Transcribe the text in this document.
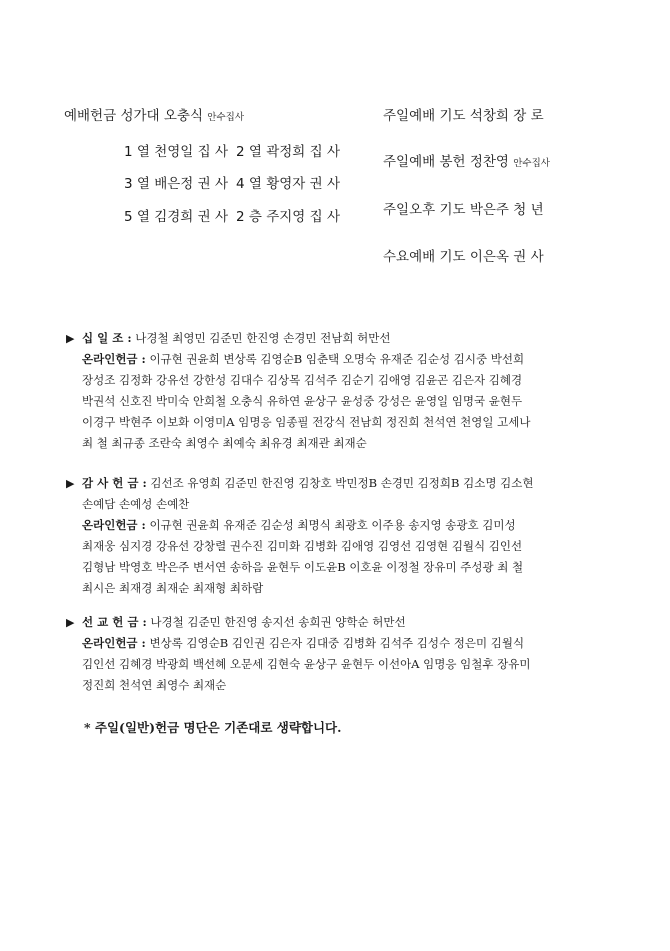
예배헌금 성가대 오충식 안수집사
1 열 천영일 집 사 2 열 곽정희 집 사
3 열 배은정 권 사 4 열 황영자 권 사
5 열 김경희 권 사 2 층 주지영 집 사
주일예배 기도 석창희 장 로
주일예배 봉헌 정찬영 안수집사
주일오후 기도 박은주 청 년
수요예배 기도 이은옥 권 사
▶ 십 일 조 : 나경철 최영민 김준민 한진영 손경민 전남희 허만선
온라인헌금 : 이규현 권윤희 변상록 김영순B 임춘택 오명숙 유재준 김순성 김시중 박선희
장성조 김정화 강유선 강한성 김대수 김상목 김석주 김순기 김애영 김윤곤 김은자 김혜경
박권석 신호진 박미숙 안희철 오충식 유하연 윤상구 윤성중 강성은 윤영일 임명국 윤현두
이경구 박현주 이보화 이영미A 임명응 임종필 전강식 전남희 정진희 천석연 천영일 고세나
최 철 최규종 조란숙 최영수 최예숙 최유경 최재관 최재순
▶ 감 사 헌 금 : 김선조 유영희 김준민 한진영 김창호 박민정B 손경민 김정희B 김소명 김소현
손예담 손예성 손예찬
온라인헌금 : 이규현 권윤희 유재준 김순성 최명식 최광호 이주용 송지영 송광호 김미성
최재웅 심지경 강유선 강창렬 권수진 김미화 김병화 김애영 김영선 김영현 김월식 김인선
김형남 박영호 박은주 변서연 송하음 윤현두 이도윤B 이호윤 이정철 장유미 주성광 최 철
최시은 최재경 최재순 최재형 최하람
▶ 선 교 헌 금 : 나경철 김준민 한진영 송지선 송희권 양학순 허만선
온라인헌금 : 변상록 김영순B 김인권 김은자 김대중 김병화 김석주 김성수 정은미 김월식
김인선 김혜경 박광희 백선혜 오문세 김현숙 윤상구 윤현두 이선아A 임명응 임철후 장유미
정진희 천석연 최영수 최재순
* 주일(일반)헌금 명단은 기존대로 생략합니다.
